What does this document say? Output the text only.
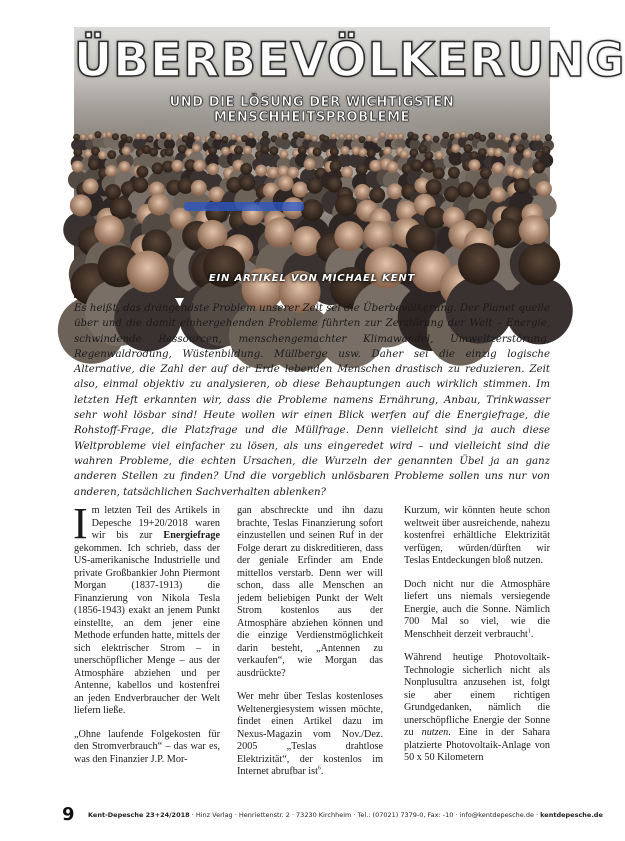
ÜBERBEVÖLKERUNG
UND DIE LÖSUNG DER WICHTIGSTEN MENSCHHEITSPROBLEME
EIN ARTIKEL VON MICHAEL KENT
Es heißt, das drängendste Problem unserer Zeit sei die Überbevölkerung. Der Planet quelle über und die damit einhergehenden Probleme führten zur Zerstörung der Welt – Energie, schwindende Ressourcen, menschengemachter Klimawandel, Umweltzerstörung, Regenwaldrodung, Wüstenbildung. Müllberge usw. Daher sei die einzig logische Alternative, die Zahl der auf der Erde lebenden Menschen drastisch zu reduzieren. Zeit also, einmal objektiv zu analysieren, ob diese Behauptungen auch wirklich stimmen. Im letzten Heft erkannten wir, dass die Probleme namens Ernährung, Anbau, Trinkwasser sehr wohl lösbar sind! Heute wollen wir einen Blick werfen auf die Energiefrage, die Rohstoff-Frage, die Platzfrage und die Müllfrage. Denn vielleicht sind ja auch diese Weltprobleme viel einfacher zu lösen, als uns eingeredet wird – und vielleicht sind die wahren Probleme, die echten Ursachen, die Wurzeln der genannten Übel ja an ganz anderen Stellen zu finden? Und die vorgeblich unlösbaren Probleme sollen uns nur von anderen, tatsächlichen Sachverhalten ablenken?

Im letzten Teil des Artikels in Depesche 19+20/2018 waren wir bis zur Energiefrage gekommen. Ich schrieb, dass der US-amerikanische Industrielle und private Großbankier John Piermont Morgan (1837-1913) die Finanzierung von Nikola Tesla (1856-1943) exakt an jenem Punkt einstellte, an dem jener eine Methode erfunden hatte, mittels der sich elektrischer Strom – in unerschöpflicher Menge – aus der Atmosphäre abziehen und per Antenne, kabellos und kostenfrei an jeden Endverbraucher der Welt liefern ließe.

„Ohne laufende Folgekosten für den Stromverbrauch“ – das war es, was den Finanzier J.P. Mor-

gan abschreckte und ihn dazu brachte, Teslas Finanzierung sofort einzustellen und seinen Ruf in der Folge derart zu diskreditieren, dass der geniale Erfinder am Ende mittellos verstarb. Denn wer will schon, dass alle Menschen an jedem beliebigen Punkt der Welt Strom kostenlos aus der Atmosphäre abziehen können und die einzige Verdienstmöglichkeit darin besteht, „Antennen zu verkaufen“, wie Morgan das ausdrückte?

Wer mehr über Teslas kostenloses Weltenergiesystem wissen möchte, findet einen Artikel dazu im Nexus-Magazin vom Nov./Dez. 2005 „Teslas drahtlose Elektrizität“, der kostenlos im Internet abrufbar ist$^6$.

Kurzum, wir könnten heute schon weltweit über ausreichende, nahezu kostenfrei erhältliche Elektrizität verfügen, würden/dürften wir Teslas Entdeckungen bloß nutzen.

Doch nicht nur die Atmosphäre liefert uns niemals versiegende Energie, auch die Sonne. Nämlich 700 Mal so viel, wie die Menschheit derzeit verbraucht$^1$.

Während heutige Photovoltaik-Technologie sicherlich nicht als Nonplusultra anzusehen ist, folgt sie aber einem richtigen Grundgedanken, nämlich die unerschöpfliche Energie der Sonne zu nutzen. Eine in der Sahara platzierte Photovoltaik-Anlage von 50 x 50 Kilometern

9 Kent-Depesche 23+24/2018 · Hinz Verlag · Henriettenstr. 2 · 73230 Kirchheim · Tel.: (07021) 7379-0, Fax: -10 · info@kentdepesche.de · kentdepesche.de
